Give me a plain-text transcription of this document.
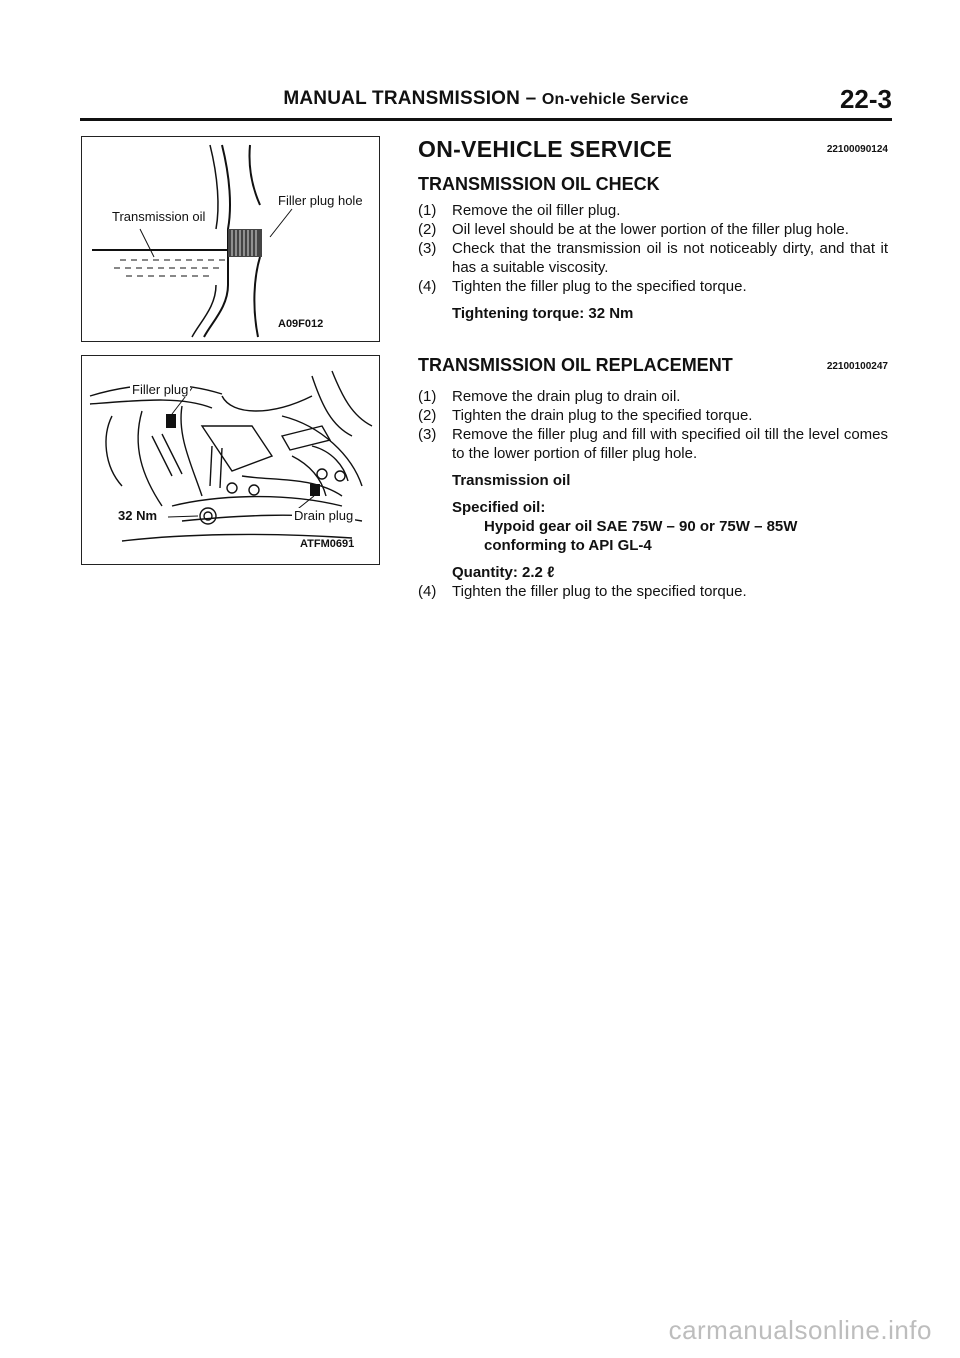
MANUAL TRANSMISSION – On-vehicle Service	22-3
Transmission oil
Filler plug hole
A09F012
Filler plug
32 Nm	Drain plug
ATFM0691
ON-VEHICLE SERVICE	22100090124
TRANSMISSION OIL CHECK
(1) Remove the oil filler plug.
(2) Oil level should be at the lower portion of the filler plug hole.
(3) Check that the transmission oil is not noticeably dirty, and that it has a suitable viscosity.
(4) Tighten the filler plug to the specified torque.
Tightening torque: 32 Nm
TRANSMISSION OIL REPLACEMENT	22100100247
(1) Remove the drain plug to drain oil.
(2) Tighten the drain plug to the specified torque.
(3) Remove the filler plug and fill with specified oil till the level comes to the lower portion of filler plug hole.
Transmission oil
Specified oil:
Hypoid gear oil SAE 75W – 90 or 75W – 85W
conforming to API GL-4
Quantity: 2.2 ℓ
(4) Tighten the filler plug to the specified torque.
carmanualsonline.info
